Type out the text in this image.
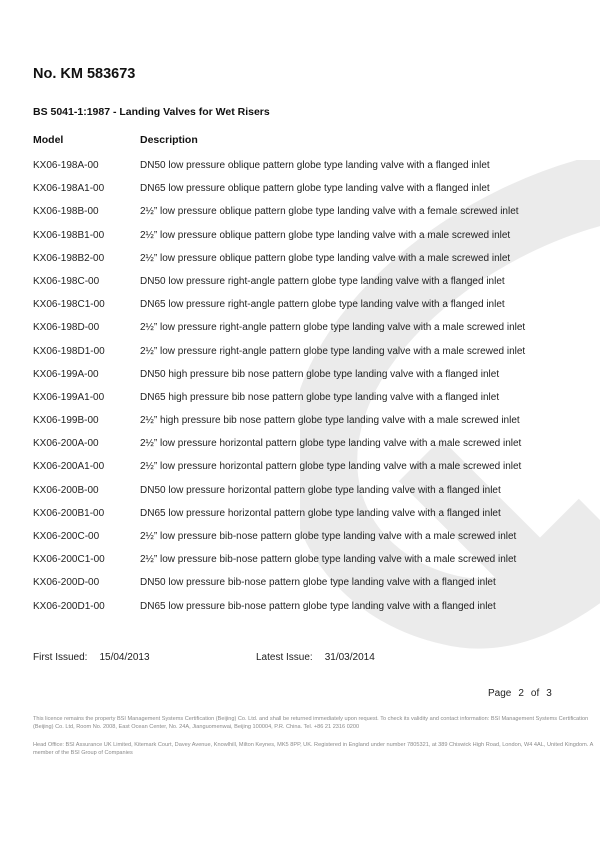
No. KM 583673
BS 5041-1:1987 - Landing Valves for Wet Risers
Model	Description
KX06-198A-00	DN50 low pressure oblique pattern globe type landing valve with a flanged inlet
KX06-198A1-00	DN65 low pressure oblique pattern globe type landing valve with a flanged inlet
KX06-198B-00	2½” low pressure oblique pattern globe type landing valve with a female screwed inlet
KX06-198B1-00	2½” low pressure oblique pattern globe type landing valve with a male screwed inlet
KX06-198B2-00	2½” low pressure oblique pattern globe type landing valve with a male screwed inlet
KX06-198C-00	DN50 low pressure right-angle pattern globe type landing valve with a flanged inlet
KX06-198C1-00	DN65 low pressure right-angle pattern globe type landing valve with a flanged inlet
KX06-198D-00	2½” low pressure right-angle pattern globe type landing valve with a male screwed inlet
KX06-198D1-00	2½” low pressure right-angle pattern globe type landing valve with a male screwed inlet
KX06-199A-00	DN50 high pressure bib nose pattern globe type landing valve with a flanged inlet
KX06-199A1-00	DN65 high pressure bib nose pattern globe type landing valve with a flanged inlet
KX06-199B-00	2½” high pressure bib nose pattern globe type landing valve with a male screwed inlet
KX06-200A-00	2½” low pressure horizontal pattern globe type landing valve with a male screwed inlet
KX06-200A1-00	2½” low pressure horizontal pattern globe type landing valve with a male screwed inlet
KX06-200B-00	DN50 low pressure horizontal pattern globe type landing valve with a flanged inlet
KX06-200B1-00	DN65 low pressure horizontal pattern globe type landing valve with a flanged inlet
KX06-200C-00	2½” low pressure bib-nose pattern globe type landing valve with a male screwed inlet
KX06-200C1-00	2½” low pressure bib-nose pattern globe type landing valve with a male screwed inlet
KX06-200D-00	DN50 low pressure bib-nose pattern globe type landing valve with a flanged inlet
KX06-200D1-00	DN65 low pressure bib-nose pattern globe type landing valve with a flanged inlet
First Issued: 15/04/2013	Latest Issue: 31/03/2014
Page 2 of 3
This licence remains the property BSI Management Systems Certification (Beijing) Co. Ltd. and shall be returned immediately upon request. To check its validity and contact information: BSI Management Systems Certification (Beijing) Co. Ltd, Room No. 2008, East Ocean Center, No. 24A, Jianguomenwai, Beijing 100004, P.R. China. Tel. +86 21 2316 0200
Head Office: BSI Assurance UK Limited, Kitemark Court, Davey Avenue, Knowlhill, Milton Keynes, MK5 8PP, UK. Registered in England under number 7805321, at 389 Chiswick High Road, London, W4 4AL, United Kingdom. A member of the BSI Group of Companies
